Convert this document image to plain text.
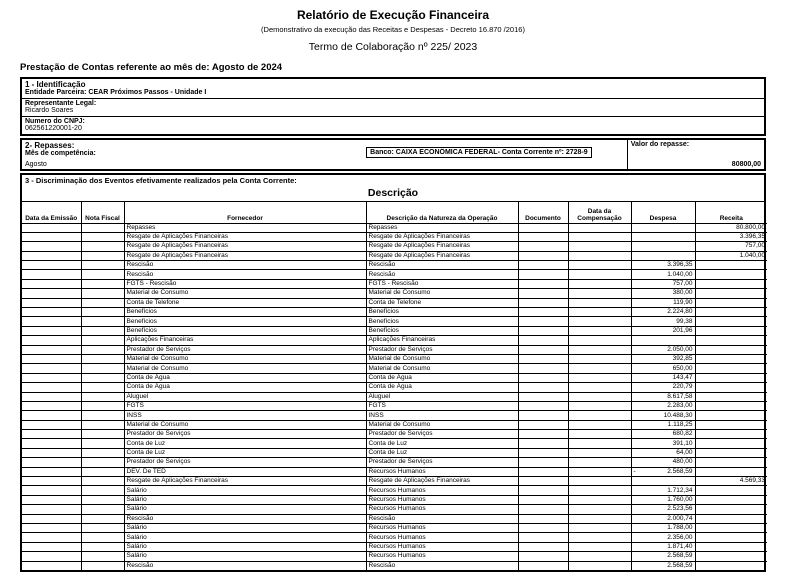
Relatório de Execução Financeira
(Demonstrativo da execução das Receitas e Despesas - Decreto 16.870 /2016)
Termo de Colaboração nº 225/ 2023
Prestação de Contas referente ao mês de: Agosto de 2024
1 - Identificação
Entidade Parceira: CEAR Próximos Passos - Unidade I
Representante Legal:
Ricardo Soares
Numero do CNPJ:
062561220001-20
2- Repasses:
Mês de competência:
Agosto
Banco: CAIXA ECONÔMICA FEDERAL- Conta Corrente nº: 2728-9
Valor do repasse:
80800,00
3 - Discriminação dos Eventos efetivamente realizados pela Conta Corrente:
Descrição
Data da Emissão	Nota Fiscal	Fornecedor	Descrição da Natureza da Operação	Documento	Data da Compensação	Despesa	Receita
		Repasses	Repasses				80.800,00
		Resgate de Aplicações Financeiras	Resgate de Aplicações Financeiras				3.396,35
		Resgate de Aplicações Financeiras	Resgate de Aplicações Financeiras				757,00
		Resgate de Aplicações Financeiras	Resgate de Aplicações Financeiras				1.040,00
		Rescisão	Rescisão			3.396,35	
		Rescisão	Rescisão			1.040,00	
		FGTS - Rescisão	FGTS - Rescisão			757,00	
		Material de Consumo	Material de Consumo			380,00	
		Conta de Telefone	Conta de Telefone			119,90	
		Benefícios	Benefícios			2.224,80	
		Benefícios	Benefícios			99,38	
		Benefícios	Benefícios			201,96	
		Aplicações Financeiras	Aplicações Financeiras				
		Prestador de Serviços	Prestador de Serviços			2.050,00	
		Material de Consumo	Material de Consumo			392,85	
		Material de Consumo	Material de Consumo			650,00	
		Conta de Água	Conta de Água			143,47	
		Conta de Água	Conta de Água			220,79	
		Aluguel	Aluguel			8.617,58	
		FGTS	FGTS			2.283,00	
		INSS	INSS			10.488,30	
		Material de Consumo	Material de Consumo			1.118,25	
		Prestador de Serviços	Prestador de Serviços			680,82	
		Conta de Luz	Conta de Luz			391,10	
		Conta de Luz	Conta de Luz			64,00	
		Prestador de Serviços	Prestador de Serviços			480,00	
		DEV. De TED	Recursos Humanos			- 2.568,59	
		Resgate de Aplicações Financeiras	Resgate de Aplicações Financeiras				4.569,33
		Salário	Recursos Humanos			1.712,34	
		Salário	Recursos Humanos			1.760,00	
		Salário	Recursos Humanos			2.523,56	
		Rescisão	Rescisão			2.000,74	
		Salário	Recursos Humanos			1.788,00	
		Salário	Recursos Humanos			2.356,00	
		Salário	Recursos Humanos			1.871,40	
		Salário	Recursos Humanos			2.568,59	
		Rescisão	Rescisão			2.568,59	
